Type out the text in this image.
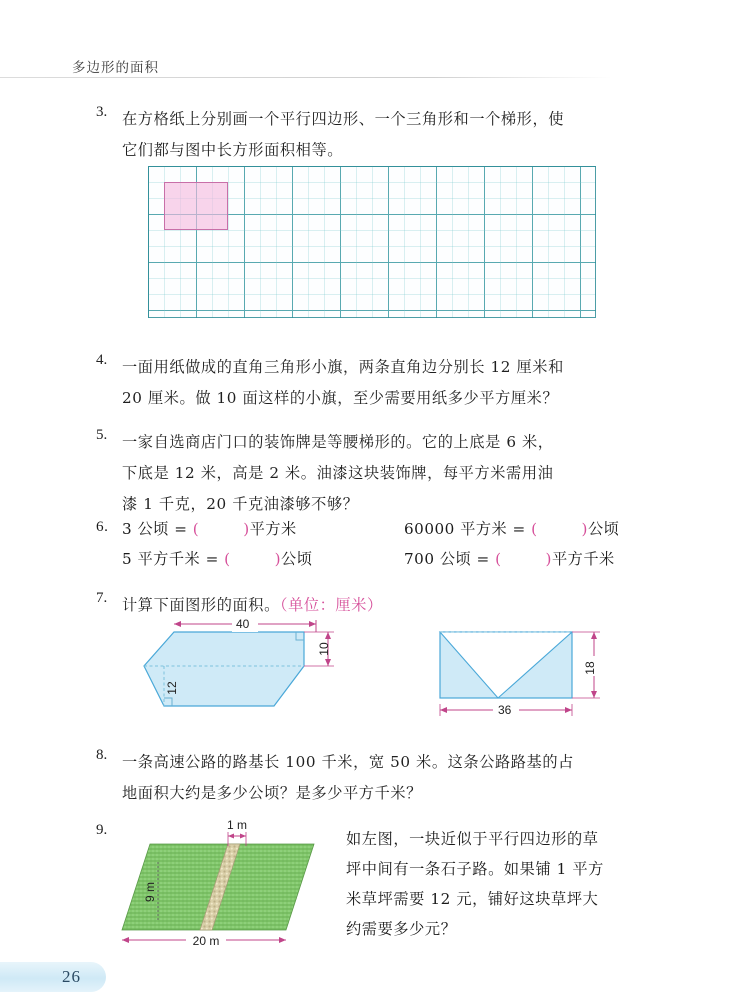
多边形的面积
3. 在方格纸上分别画一个平行四边形、一个三角形和一个梯形，使
它们都与图中长方形面积相等。
4. 一面用纸做成的直角三角形小旗，两条直角边分别长 12 厘米和
20 厘米。做 10 面这样的小旗，至少需要用纸多少平方厘米？
5. 一家自选商店门口的装饰牌是等腰梯形的。它的上底是 6 米，
下底是 12 米，高是 2 米。油漆这块装饰牌，每平方米需用油
漆 1 千克，20 千克油漆够不够？
6. 3 公顷 = (	)平方米	60000 平方米 = (	)公顷
5 平方千米 = (	)公顷	700 公顷 = (	)平方千米
7. 计算下面图形的面积。（单位：厘米）
40
10
12
18
36
8. 一条高速公路的路基长 100 千米，宽 50 米。这条公路路基的占
地面积大约是多少公顷？是多少平方千米？
9.	1 m
9 m
20 m
如左图，一块近似于平行四边形的草
坪中间有一条石子路。如果铺 1 平方
米草坪需要 12 元，铺好这块草坪大
约需要多少元？
26
